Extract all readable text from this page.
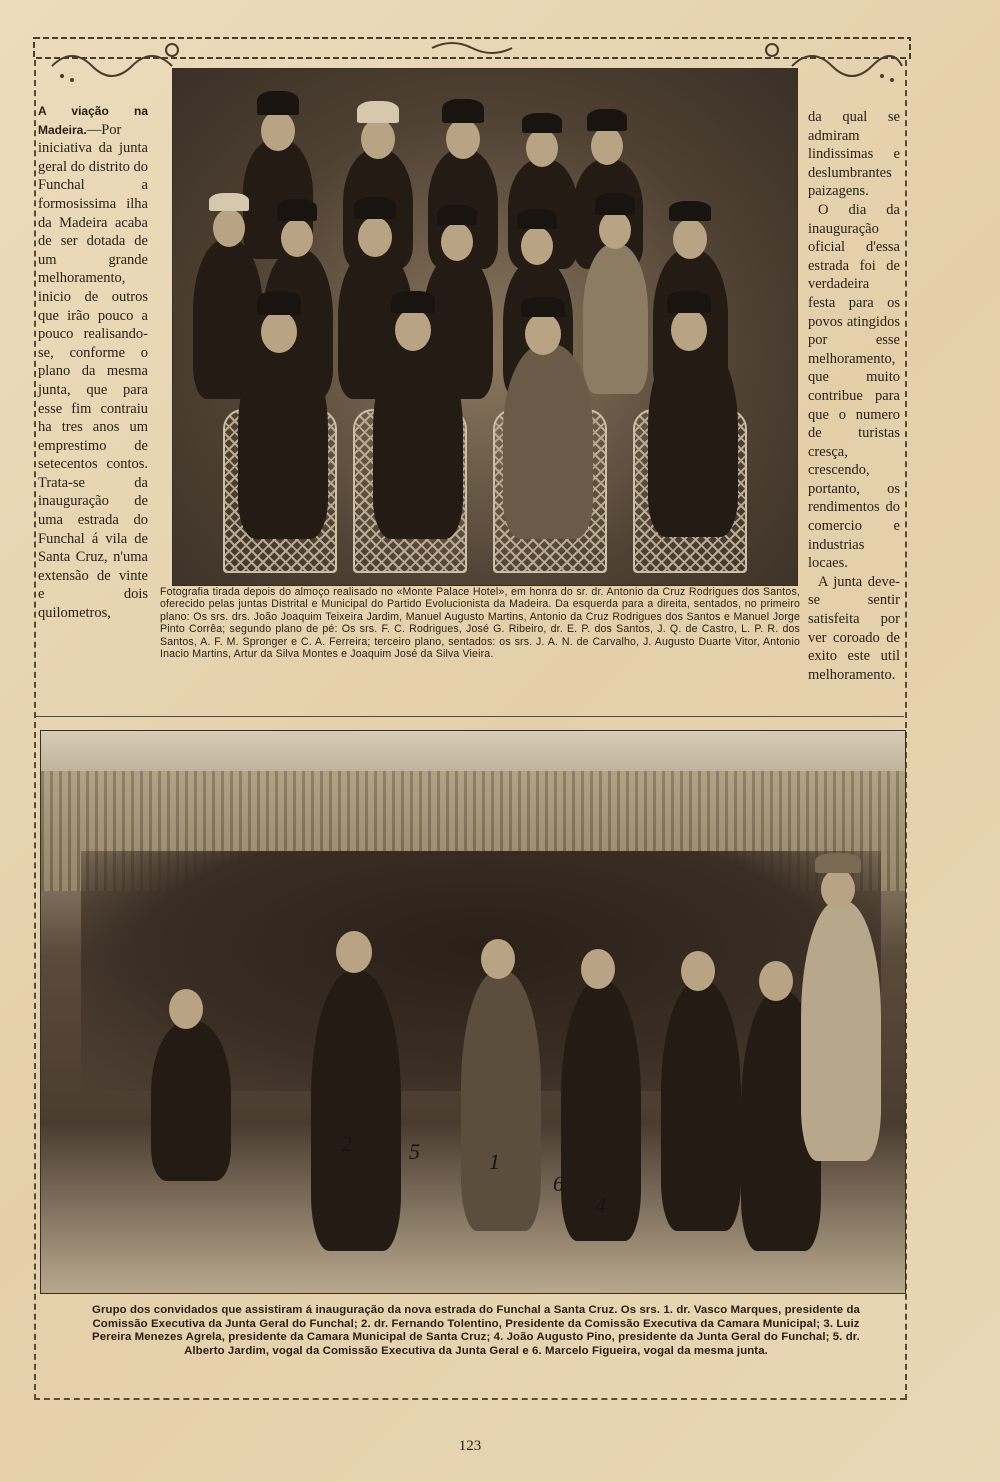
A viação na Madeira.—Por iniciativa da junta geral do distrito do Funchal a formosissima ilha da Madeira acaba de ser dotada de um grande melhoramento, inicio de outros que irão pouco a pouco realisando-se, conforme o plano da mesma junta, que para esse fim contraiu ha tres anos um emprestimo de setecentos contos. Trata-se da inauguração de uma estrada do Funchal á vila de Santa Cruz, n'uma extensão de vinte e dois quilometros,

da qual se admiram lindissimas e deslumbrantes paizagens.

O dia da inauguração oficial d'essa estrada foi de verdadeira festa para os povos atingidos por esse melhoramento, que muito contribue para que o numero de turistas cresça, crescendo, portanto, os rendimentos do comercio e industrias locaes.

A junta deve-se sentir satisfeita por ver coroado de exito este util melhoramento.

Fotografia tirada depois do almoço realisado no «Monte Palace Hotel», em honra do sr. dr. Antonio da Cruz Rodrigues dos Santos, oferecido pelas juntas Distrital e Municipal do Partido Evolucionista da Madeira. Da esquerda para a direita, sentados, no primeiro plano: Os srs. drs. João Joaquim Teixeira Jardim, Manuel Augusto Martins, Antonio da Cruz Rodrigues dos Santos e Manuel Jorge Pinto Corrêa; segundo plano de pé: Os srs. F. C. Rodrigues, José G. Ribeiro, dr. E. P. dos Santos, J. Q. de Castro, L. P. R. dos Santos, A. F. M. Spronger e C. A. Ferreira; terceiro plano, sentados: os srs. J. A. N. de Carvalho, J. Augusto Duarte Vitor, Antonio Inacio Martins, Artur da Silva Montes e Joaquim José da Silva Vieira.
2	5	1
6
4
Grupo dos convidados que assistiram á inauguração da nova estrada do Funchal a Santa Cruz. Os srs. 1. dr. Vasco Marques, presidente da Comissão Executiva da Junta Geral do Funchal; 2. dr. Fernando Tolentino, Presidente da Comissão Executiva da Camara Municipal; 3. Luiz Pereira Menezes Agrela, presidente da Camara Municipal de Santa Cruz; 4. João Augusto Pino, presidente da Junta Geral do Funchal; 5. dr. Alberto Jardim, vogal da Comissão Executiva da Junta Geral e 6. Marcelo Figueira, vogal da mesma junta.
123
